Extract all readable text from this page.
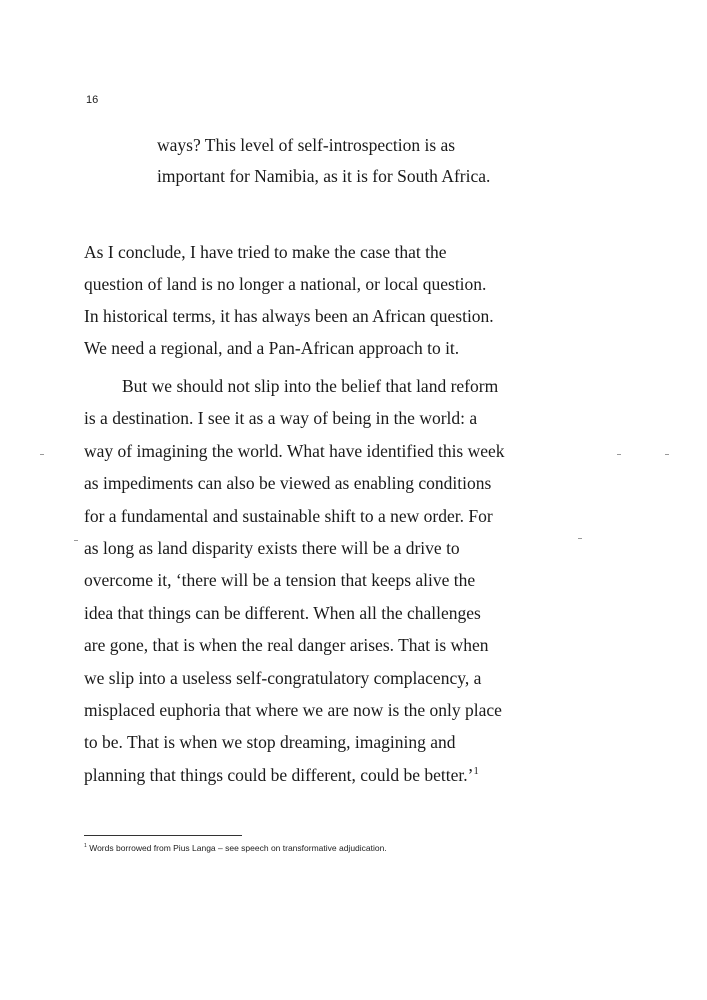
16
ways? This level of self-introspection is as
important for Namibia, as it is for South Africa.
As I conclude, I have tried to make the case that the
question of land is no longer a national, or local question.
In historical terms, it has always been an African question.
We need a regional, and a Pan-African approach to it.
But we should not slip into the belief that land reform
is a destination. I see it as a way of being in the world: a
way of imagining the world. What have identified this week
as impediments can also be viewed as enabling conditions
for a fundamental and sustainable shift to a new order. For
as long as land disparity exists there will be a drive to
overcome it, ‘there will be a tension that keeps alive the
idea that things can be different. When all the challenges
are gone, that is when the real danger arises. That is when
we slip into a useless self-congratulatory complacency, a
misplaced euphoria that where we are now is the only place
to be. That is when we stop dreaming, imagining and
planning that things could be different, could be better.’$^1$
$^1$ Words borrowed from Pius Langa – see speech on transformative adjudication.
